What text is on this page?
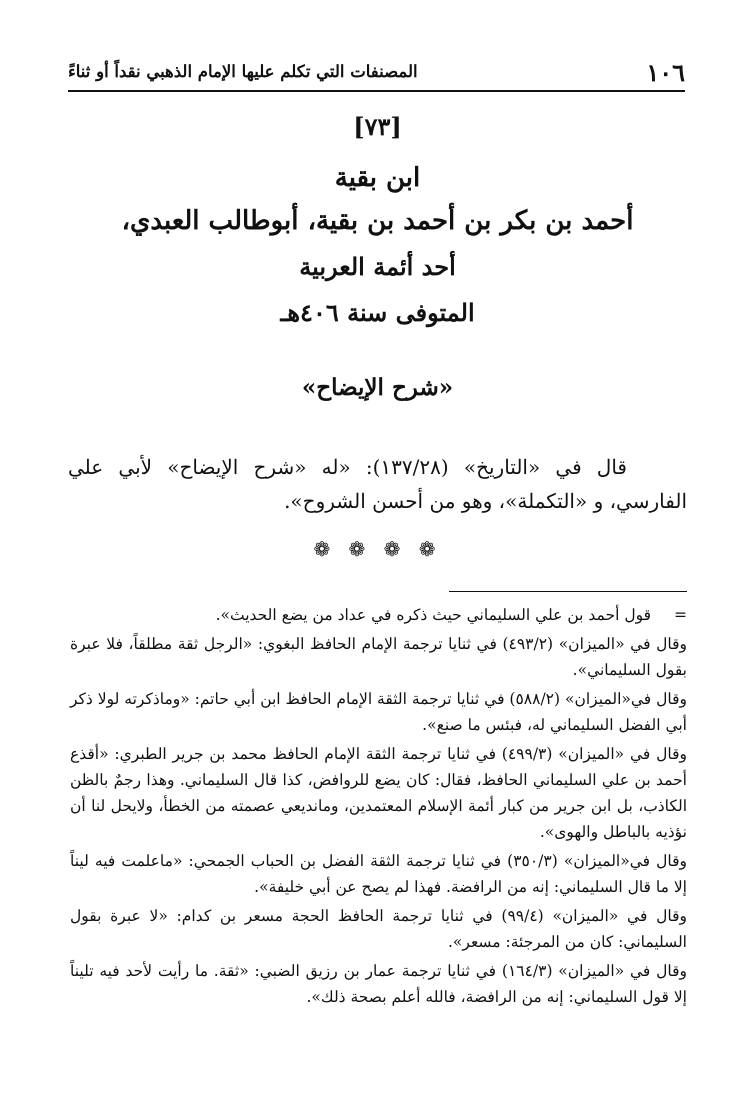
١٠٦
المصنفات التي تكلم عليها الإمام الذهبي نقداً أو ثناءً
[٧٣]
ابن بقية
أحمد بن بكر بن أحمد بن بقية، أبوطالب العبدي،
أحد أئمة العربية
المتوفى سنة ٤٠٦هـ
«شرح الإيضاح»

قال في «التاريخ» (١٣٧/٢٨): «له «شرح الإيضاح» لأبي علي الفارسي، و «التكملة»، وهو من أحسن الشروح».

❁ ❁ ❁ ❁

=
قول أحمد بن علي السليماني حيث ذكره في عداد من يضع الحديث».

وقال في «الميزان» (٤٩٣/٢) في ثنايا ترجمة الإمام الحافظ البغوي: «الرجل ثقة مطلقاً، فلا عبرة بقول السليماني».

وقال في«الميزان» (٥٨٨/٢) في ثنايا ترجمة الثقة الإمام الحافظ ابن أبي حاتم: «وماذكرته لولا ذكر أبي الفضل السليماني له، فبئس ما صنع».

وقال في «الميزان» (٤٩٩/٣) في ثنايا ترجمة الثقة الإمام الحافظ محمد بن جرير الطبري: «أقذع أحمد بن علي السليماني الحافظ، فقال: كان يضع للروافض، كذا قال السليماني. وهذا رجمٌ بالظن الكاذب، بل ابن جرير من كبار أئمة الإسلام المعتمدين، ومانديعي عصمته من الخطأ، ولايحل لنا أن نؤذيه بالباطل والهوى».

وقال في«الميزان» (٣٥٠/٣) في ثنايا ترجمة الثقة الفضل بن الحباب الجمحي: «ماعلمت فيه ليناً إلا ما قال السليماني: إنه من الرافضة. فهذا لم يصح عن أبي خليفة».

وقال في «الميزان» (٩٩/٤) في ثنايا ترجمة الحافظ الحجة مسعر بن كدام: «لا عبرة بقول السليماني: كان من المرجئة: مسعر».

وقال في «الميزان» (١٦٤/٣) في ثنايا ترجمة عمار بن رزيق الضبي: «ثقة. ما رأيت لأحد فيه تليناً إلا قول السليماني: إنه من الرافضة، فالله أعلم بصحة ذلك».
